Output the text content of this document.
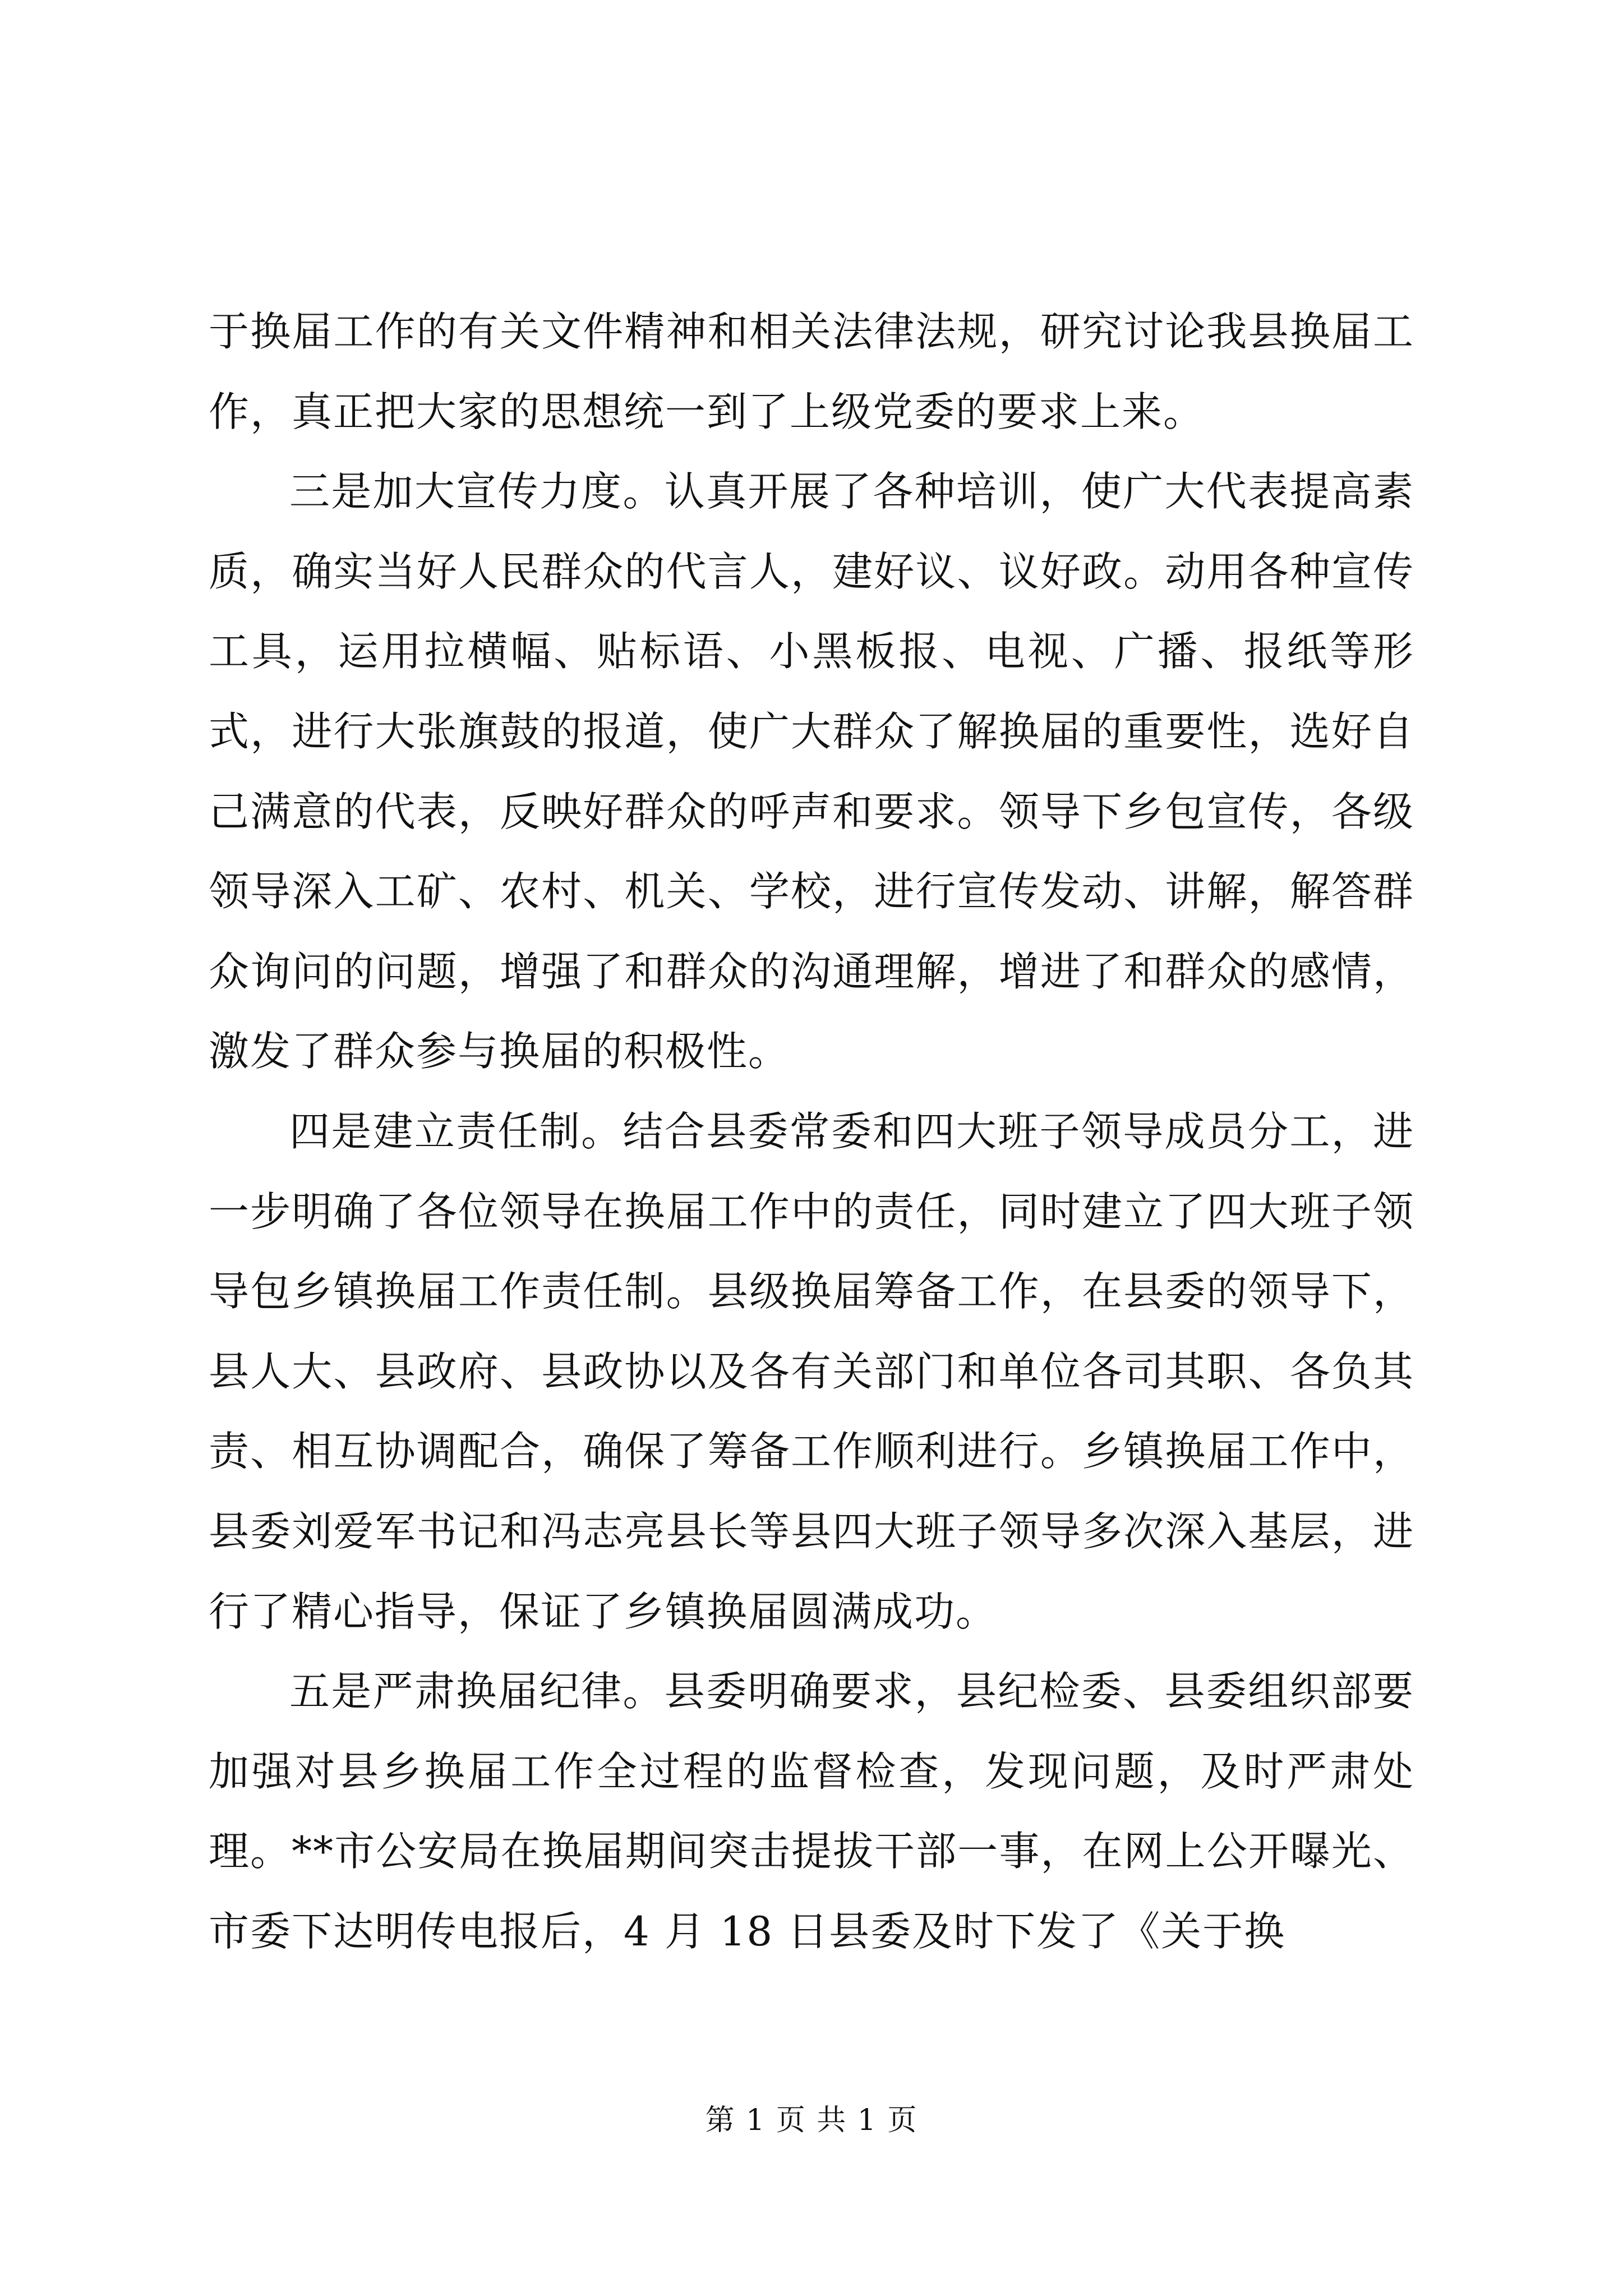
于换届工作的有关文件精神和相关法律法规，研究讨论我县换届工作，真正把大家的思想统一到了上级党委的要求上来。

三是加大宣传力度。认真开展了各种培训，使广大代表提高素质，确实当好人民群众的代言人，建好议、议好政。动用各种宣传工具，运用拉横幅、贴标语、小黑板报、电视、广播、报纸等形式，进行大张旗鼓的报道，使广大群众了解换届的重要性，选好自己满意的代表，反映好群众的呼声和要求。领导下乡包宣传，各级领导深入工矿、农村、机关、学校，进行宣传发动、讲解，解答群众询问的问题，增强了和群众的沟通理解，增进了和群众的感情，激发了群众参与换届的积极性。

四是建立责任制。结合县委常委和四大班子领导成员分工，进一步明确了各位领导在换届工作中的责任，同时建立了四大班子领导包乡镇换届工作责任制。县级换届筹备工作，在县委的领导下，县人大、县政府、县政协以及各有关部门和单位各司其职、各负其责、相互协调配合，确保了筹备工作顺利进行。乡镇换届工作中，县委刘爱军书记和冯志亮县长等县四大班子领导多次深入基层，进行了精心指导，保证了乡镇换届圆满成功。

五是严肃换届纪律。县委明确要求，县纪检委、县委组织部要加强对县乡换届工作全过程的监督检查，发现问题，及时严肃处理。**市公安局在换届期间突击提拔干部一事，在网上公开曝光、市委下达明传电报后，4 月 18 日县委及时下发了《关于换

第 1 页 共 1 页
